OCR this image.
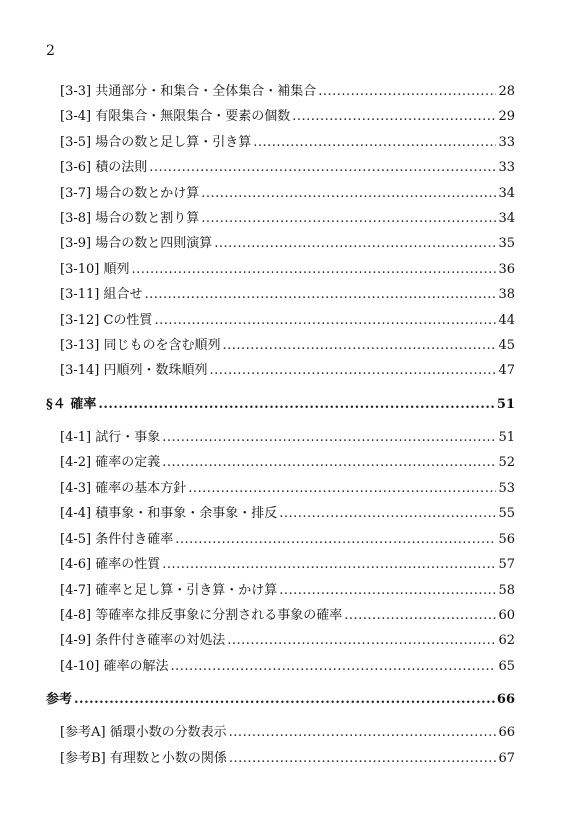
2
[3-3] 共通部分・和集合・全体集合・補集合 .....	28
[3-4] 有限集合・無限集合・要素の個数 .....	29
[3-5] 場合の数と足し算・引き算 .....	33
[3-6] 積の法則 .....	33
[3-7] 場合の数とかけ算 .....	34
[3-8] 場合の数と割り算 .....	34
[3-9] 場合の数と四則演算 .....	35
[3-10] 順列 .....	36
[3-11] 組合せ .....	38
[3-12] Cの性質 .....	44
[3-13] 同じものを含む順列 .....	45
[3-14] 円順列・数珠順列 .....	47
§４ 確率 .....	51
[4-1] 試行・事象 .....	51
[4-2] 確率の定義 .....	52
[4-3] 確率の基本方針 .....	53
[4-4] 積事象・和事象・余事象・排反 .....	55
[4-5] 条件付き確率 .....	56
[4-6] 確率の性質 .....	57
[4-7] 確率と足し算・引き算・かけ算 .....	58
[4-8] 等確率な排反事象に分割される事象の確率 .....	60
[4-9] 条件付き確率の対処法 .....	62
[4-10] 確率の解法 .....	65
参考 .....	66
[参考A] 循環小数の分数表示 .....	66
[参考B] 有理数と小数の関係 .....	67
